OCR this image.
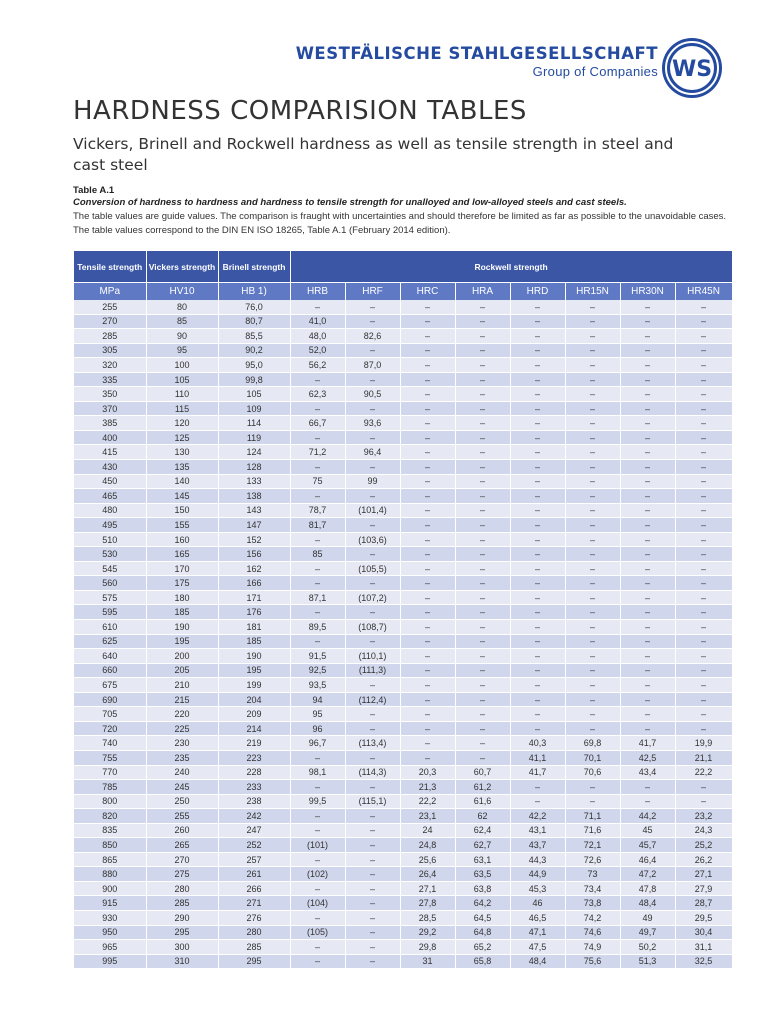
WESTFÄLISCHE STAHLGESELLSCHAFT
Group of Companies WS
HARDNESS COMPARISION TABLES

Vickers, Brinell and Rockwell hardness as well as tensile strength in steel and cast steel

Table A.1
Conversion of hardness to hardness and hardness to tensile strength for unalloyed and low-alloyed steels and cast steels.
The table values are guide values. The comparison is fraught with uncertainties and should therefore be limited as far as possible to the unavoidable cases. The table values correspond to the DIN EN ISO 18265, Table A.1 (February 2014 edition).
Tensile strength	Vickers strength	Brinell strength	Rockwell strength							
MPa	HV10	HB 1)	HRB	HRF	HRC	HRA	HRD	HR15N	HR30N	HR45N
255	80	76,0	–	–	–	–	–	–	–	–
270	85	80,7	41,0	–	–	–	–	–	–	–
285	90	85,5	48,0	82,6	–	–	–	–	–	–
305	95	90,2	52,0	–	–	–	–	–	–	–
320	100	95,0	56,2	87,0	–	–	–	–	–	–
335	105	99,8	–	–	–	–	–	–	–	–
350	110	105	62,3	90,5	–	–	–	–	–	–
370	115	109	–	–	–	–	–	–	–	–
385	120	114	66,7	93,6	–	–	–	–	–	–
400	125	119	–	–	–	–	–	–	–	–
415	130	124	71,2	96,4	–	–	–	–	–	–
430	135	128	–	–	–	–	–	–	–	–
450	140	133	75	99	–	–	–	–	–	–
465	145	138	–	–	–	–	–	–	–	–
480	150	143	78,7	(101,4)	–	–	–	–	–	–
495	155	147	81,7	–	–	–	–	–	–	–
510	160	152	–	(103,6)	–	–	–	–	–	–
530	165	156	85	–	–	–	–	–	–	–
545	170	162	–	(105,5)	–	–	–	–	–	–
560	175	166	–	–	–	–	–	–	–	–
575	180	171	87,1	(107,2)	–	–	–	–	–	–
595	185	176	–	–	–	–	–	–	–	–
610	190	181	89,5	(108,7)	–	–	–	–	–	–
625	195	185	–	–	–	–	–	–	–	–
640	200	190	91,5	(110,1)	–	–	–	–	–	–
660	205	195	92,5	(111,3)	–	–	–	–	–	–
675	210	199	93,5	–	–	–	–	–	–	–
690	215	204	94	(112,4)	–	–	–	–	–	–
705	220	209	95	–	–	–	–	–	–	–
720	225	214	96	–	–	–	–	–	–	–
740	230	219	96,7	(113,4)	–	–	40,3	69,8	41,7	19,9
755	235	223	–	–	–	–	41,1	70,1	42,5	21,1
770	240	228	98,1	(114,3)	20,3	60,7	41,7	70,6	43,4	22,2
785	245	233	–	–	21,3	61,2	–	–	–	–
800	250	238	99,5	(115,1)	22,2	61,6	–	–	–	–
820	255	242	–	–	23,1	62	42,2	71,1	44,2	23,2
835	260	247	–	–	24	62,4	43,1	71,6	45	24,3
850	265	252	(101)	–	24,8	62,7	43,7	72,1	45,7	25,2
865	270	257	–	–	25,6	63,1	44,3	72,6	46,4	26,2
880	275	261	(102)	–	26,4	63,5	44,9	73	47,2	27,1
900	280	266	–	–	27,1	63,8	45,3	73,4	47,8	27,9
915	285	271	(104)	–	27,8	64,2	46	73,8	48,4	28,7
930	290	276	–	–	28,5	64,5	46,5	74,2	49	29,5
950	295	280	(105)	–	29,2	64,8	47,1	74,6	49,7	30,4
965	300	285	–	–	29,8	65,2	47,5	74,9	50,2	31,1
995	310	295	–	–	31	65,8	48,4	75,6	51,3	32,5
